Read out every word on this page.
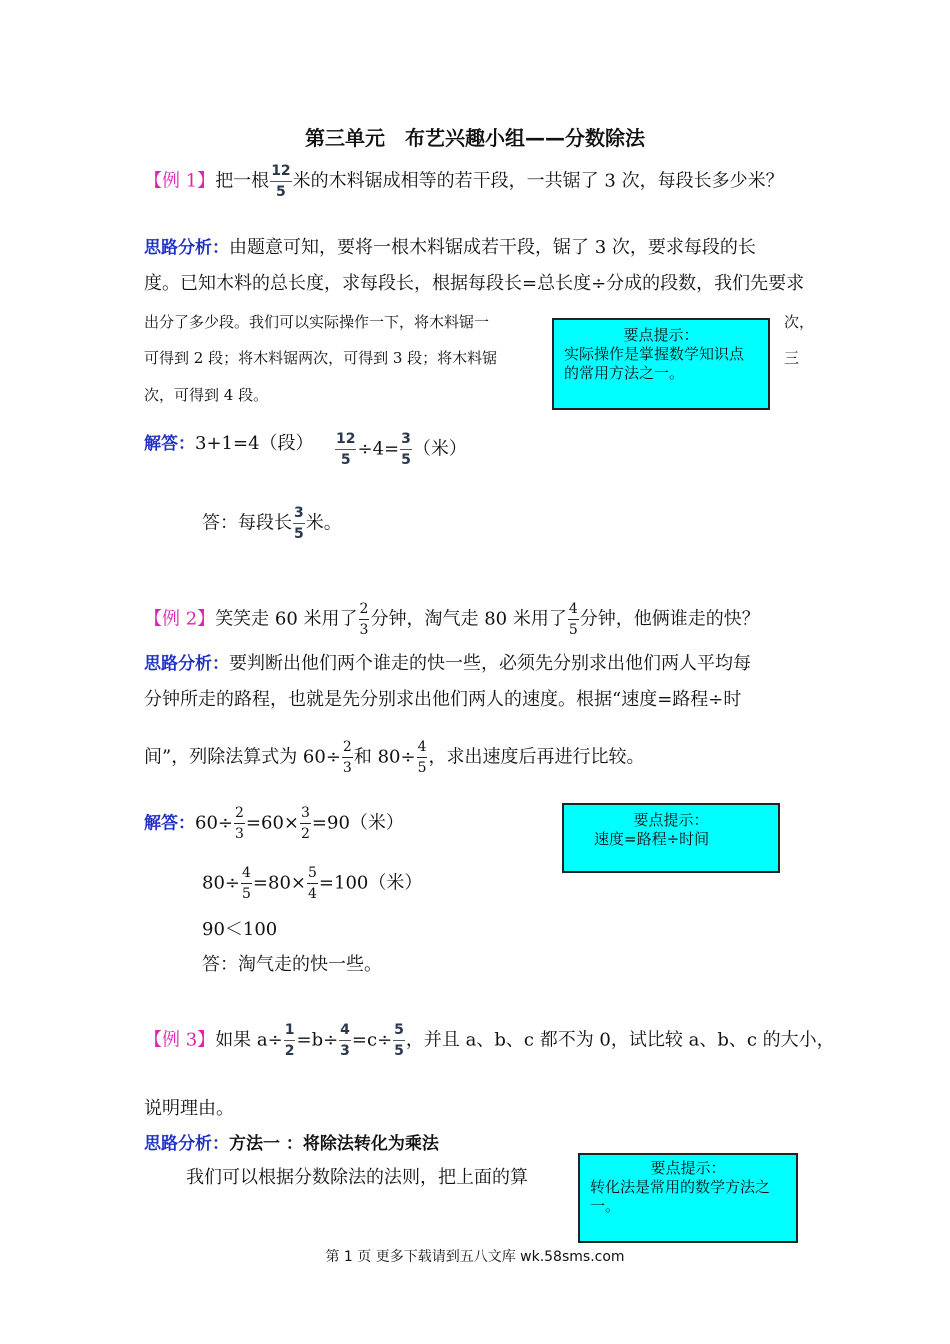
第三单元　布艺兴趣小组——分数除法
【例 1】把一根 $\frac{12}{5}$ 米的木料锯成相等的若干段，一共锯了 3 次，每段长多少米？
思路分析：由题意可知，要将一根木料锯成若干段，锯了 3 次，要求每段的长
度。已知木料的总长度，求每段长，根据每段长=总长度÷分成的段数，我们先要求
出分了多少段。我们可以实际操作一下，将木料锯一	次，
可得到 2 段；将木料锯两次，可得到 3 段；将木料锯	三
次，可得到 4 段。
要点提示：
实际操作是掌握数学知识点的常用方法之一。
解答：3+1=4（段） $\frac{12}{5} \div 4= \frac{3}{5}$ （米）
答：每段长 $\frac{3}{5}$ 米。
【例 2】笑笑走 60 米用了 $\frac{2}{3}$ 分钟，淘气走 80 米用了 $\frac{4}{5}$ 分钟，他俩谁走的快？
思路分析：要判断出他们两个谁走的快一些，必须先分别求出他们两人平均每
分钟所走的路程，也就是先分别求出他们两人的速度。根据“速度=路程÷时
间”，列除法算式为 $60\div \frac{2}{3}$ 和 $80\div \frac{4}{5}$ ，求出速度后再进行比较。
要点提示：
速度=路程÷时间
解答：$60\div \frac{2}{3} =60\times \frac{3}{2} =90$（米）
$80\div \frac{4}{5} =80\times \frac{5}{4} =100$（米）
90＜100
答：淘气走的快一些。
【例 3】如果 $a\div \frac{1}{2} =b\div \frac{4}{3} =c\div \frac{5}{5}$ ，并且 a、b、c 都不为 0，试比较 a、b、c 的大小，
说明理由。
思路分析：方法一 ：将除法转化为乘法
我们可以根据分数除法的法则，把上面的算	要点提示：
转化法是常用的数学方法之一。
第 1 页 更多下载请到五八文库 wk.58sms.com
